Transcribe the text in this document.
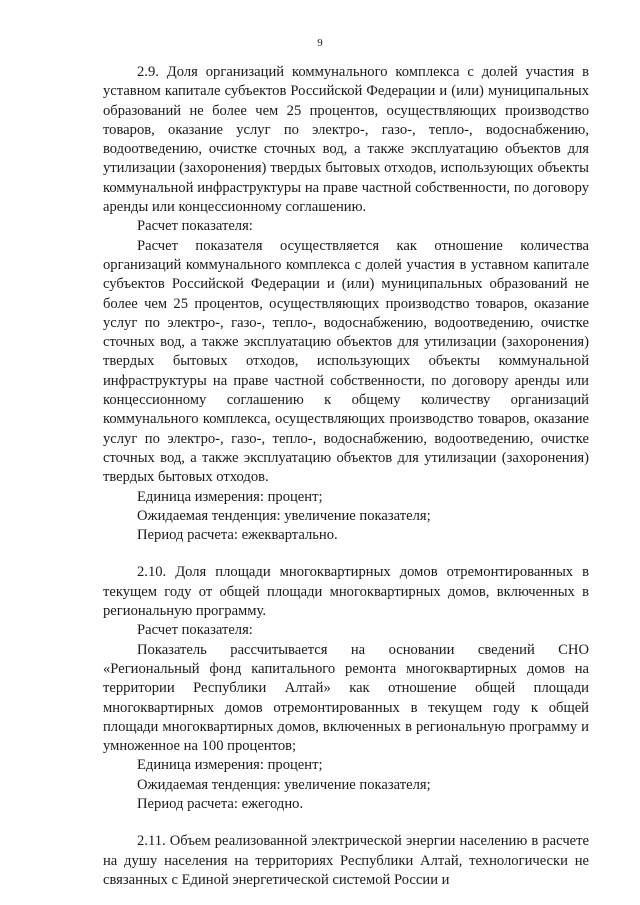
9

2.9. Доля организаций коммунального комплекса с долей участия в уставном капитале субъектов Российской Федерации и (или) муниципальных образований не более чем 25 процентов, осуществляющих производство товаров, оказание услуг по электро-, газо-, тепло-, водоснабжению, водоотведению, очистке сточных вод, а также эксплуатацию объектов для утилизации (захоронения) твердых бытовых отходов, использующих объекты коммунальной инфраструктуры на праве частной собственности, по договору аренды или концессионному соглашению.

Расчет показателя:

Расчет показателя осуществляется как отношение количества организаций коммунального комплекса с долей участия в уставном капитале субъектов Российской Федерации и (или) муниципальных образований не более чем 25 процентов, осуществляющих производство товаров, оказание услуг по электро-, газо-, тепло-, водоснабжению, водоотведению, очистке сточных вод, а также эксплуатацию объектов для утилизации (захоронения) твердых бытовых отходов, использующих объекты коммунальной инфраструктуры на праве частной собственности, по договору аренды или концессионному соглашению к общему количеству организаций коммунального комплекса, осуществляющих производство товаров, оказание услуг по электро-, газо-, тепло-, водоснабжению, водоотведению, очистке сточных вод, а также эксплуатацию объектов для утилизации (захоронения) твердых бытовых отходов.

Единица измерения: процент;

Ожидаемая тенденция: увеличение показателя;

Период расчета: ежеквартально.

2.10. Доля площади многоквартирных домов отремонтированных в текущем году от общей площади многоквартирных домов, включенных в региональную программу.

Расчет показателя:

Показатель рассчитывается на основании сведений СНО «Региональный фонд капитального ремонта многоквартирных домов на территории Республики Алтай» как отношение общей площади многоквартирных домов отремонтированных в текущем году к общей площади многоквартирных домов, включенных в региональную программу и умноженное на 100 процентов;

Единица измерения: процент;

Ожидаемая тенденция: увеличение показателя;

Период расчета: ежегодно.

2.11. Объем реализованной электрической энергии населению в расчете на душу населения на территориях Республики Алтай, технологически не связанных с Единой энергетической системой России и
